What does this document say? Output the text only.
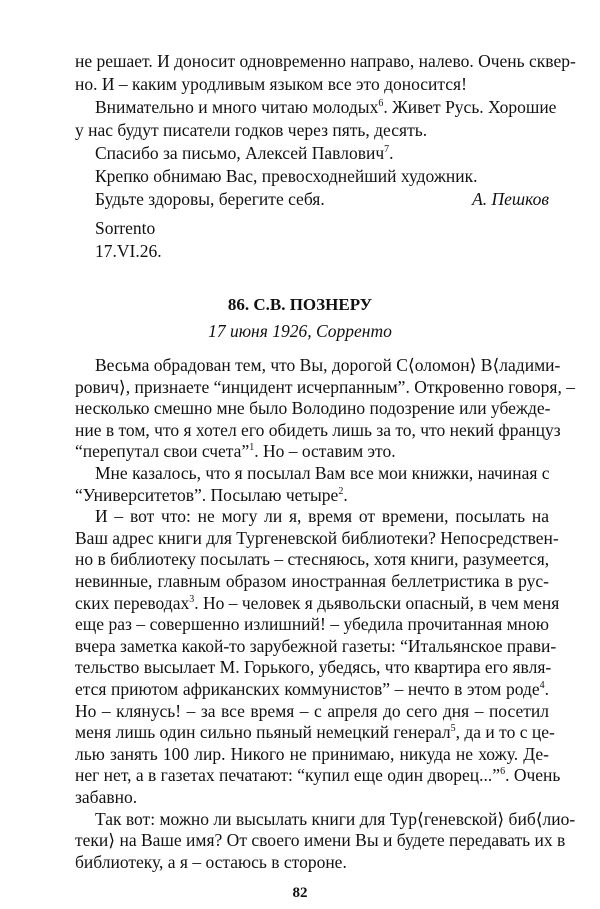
не решает. И доносит одновременно направо, налево. Очень сквер-
но. И – каким уродливым языком все это доносится!
Внимательно и много читаю молодых$^6$. Живет Русь. Хорошие
у нас будут писатели годков через пять, десять.
Спасибо за письмо, Алексей Павлович$^7$.
Крепко обнимаю Вас, превосходнейший художник.
Будьте здоровы, берегите себя.	А. Пешков
Sorrento
17.VI.26.
86. С.В. ПОЗНЕРУ
17 июня 1926, Сорренто
Весьма обрадован тем, что Вы, дорогой С⟨оломон⟩ В⟨ладими-
рович⟩, признаете “инцидент исчерпанным”. Откровенно говоря, –
несколько смешно мне было Володино подозрение или убежде-
ние в том, что я хотел его обидеть лишь за то, что некий француз
“перепутал свои счета”$^1$. Но – оставим это.
Мне казалось, что я посылал Вам все мои книжки, начиная с
“Университетов”. Посылаю четыре$^2$.
И – вот что: не могу ли я, время от времени, посылать на
Ваш адрес книги для Тургеневской библиотеки? Непосредствен-
но в библиотеку посылать – стесняюсь, хотя книги, разумеется,
невинные, главным образом иностранная беллетристика в рус-
ских переводах$^3$. Но – человек я дьявольски опасный, в чем меня
еще раз – совершенно излишний! – убедила прочитанная мною
вчера заметка какой-то зарубежной газеты: “Итальянское прави-
тельство высылает М. Горького, убедясь, что квартира его явля-
ется приютом африканских коммунистов” – нечто в этом роде$^4$.
Но – клянусь! – за все время – с апреля до сего дня – посетил
меня лишь один сильно пьяный немецкий генерал$^5$, да и то с це-
лью занять 100 лир. Никого не принимаю, никуда не хожу. Де-
нег нет, а в газетах печатают: “купил еще один дворец...”$^6$. Очень
забавно.
Так вот: можно ли высылать книги для Тур⟨геневской⟩ биб⟨лио-
теки⟩ на Ваше имя? От своего имени Вы и будете передавать их в
библиотеку, а я – остаюсь в стороне.
82
